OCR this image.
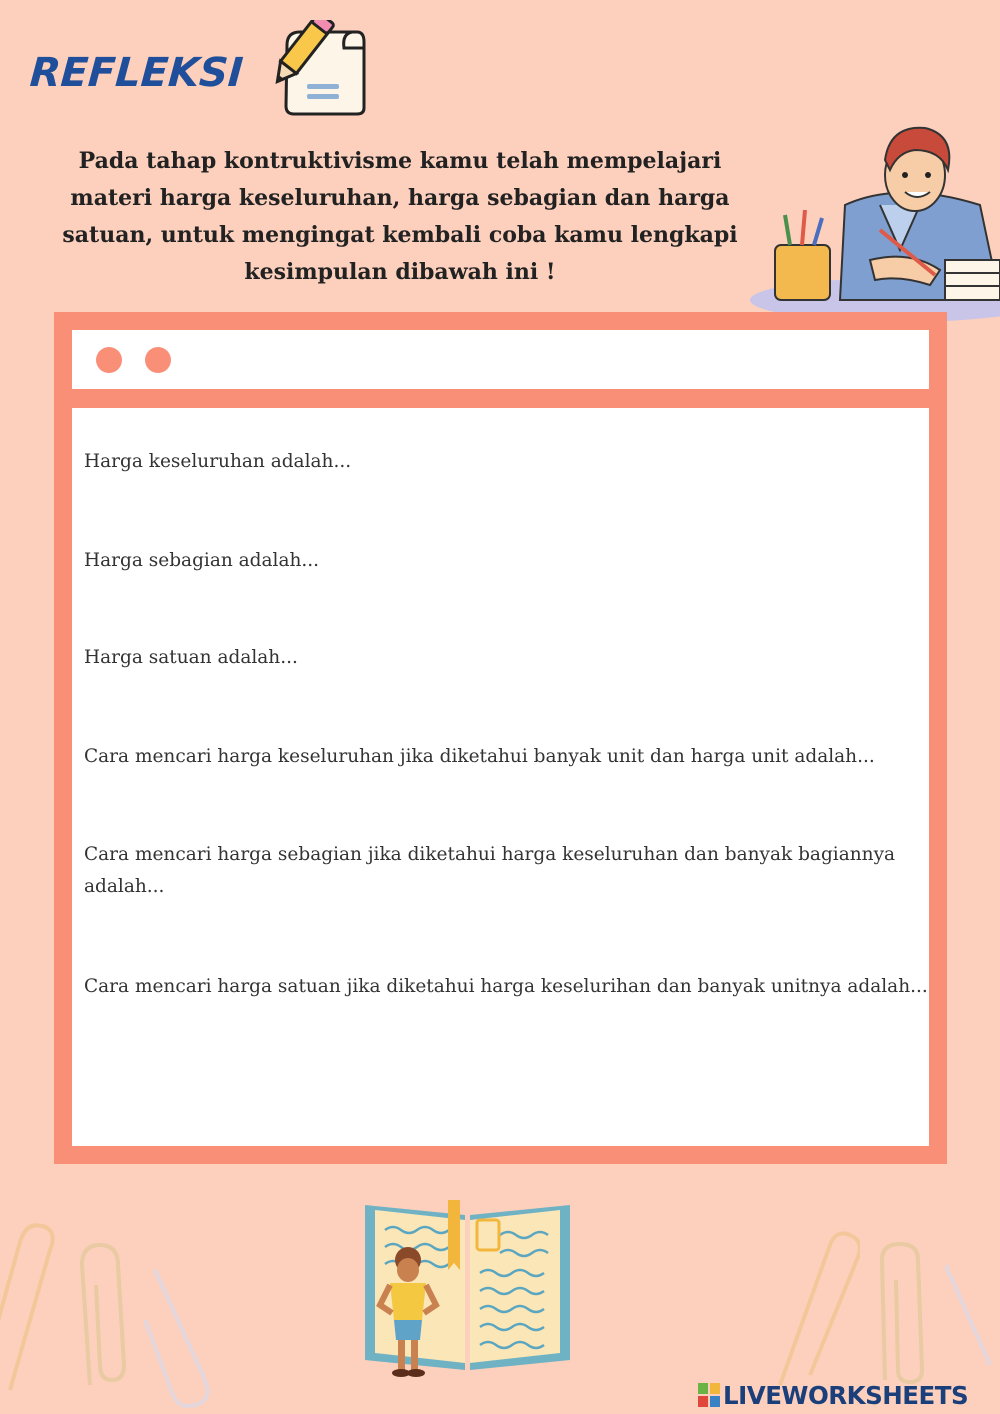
REFLEKSI
Pada tahap kontruktivisme kamu telah mempelajari materi harga keseluruhan, harga sebagian dan harga satuan, untuk mengingat kembali coba kamu lengkapi kesimpulan dibawah ini !
Harga keseluruhan adalah...
Harga sebagian adalah...
Harga satuan adalah...
Cara mencari harga keseluruhan jika diketahui banyak unit dan harga unit adalah...
Cara mencari harga sebagian jika diketahui harga keseluruhan dan banyak bagiannya adalah...
Cara mencari harga satuan jika diketahui harga keselurihan dan banyak unitnya adalah...
LIVEWORKSHEETS
